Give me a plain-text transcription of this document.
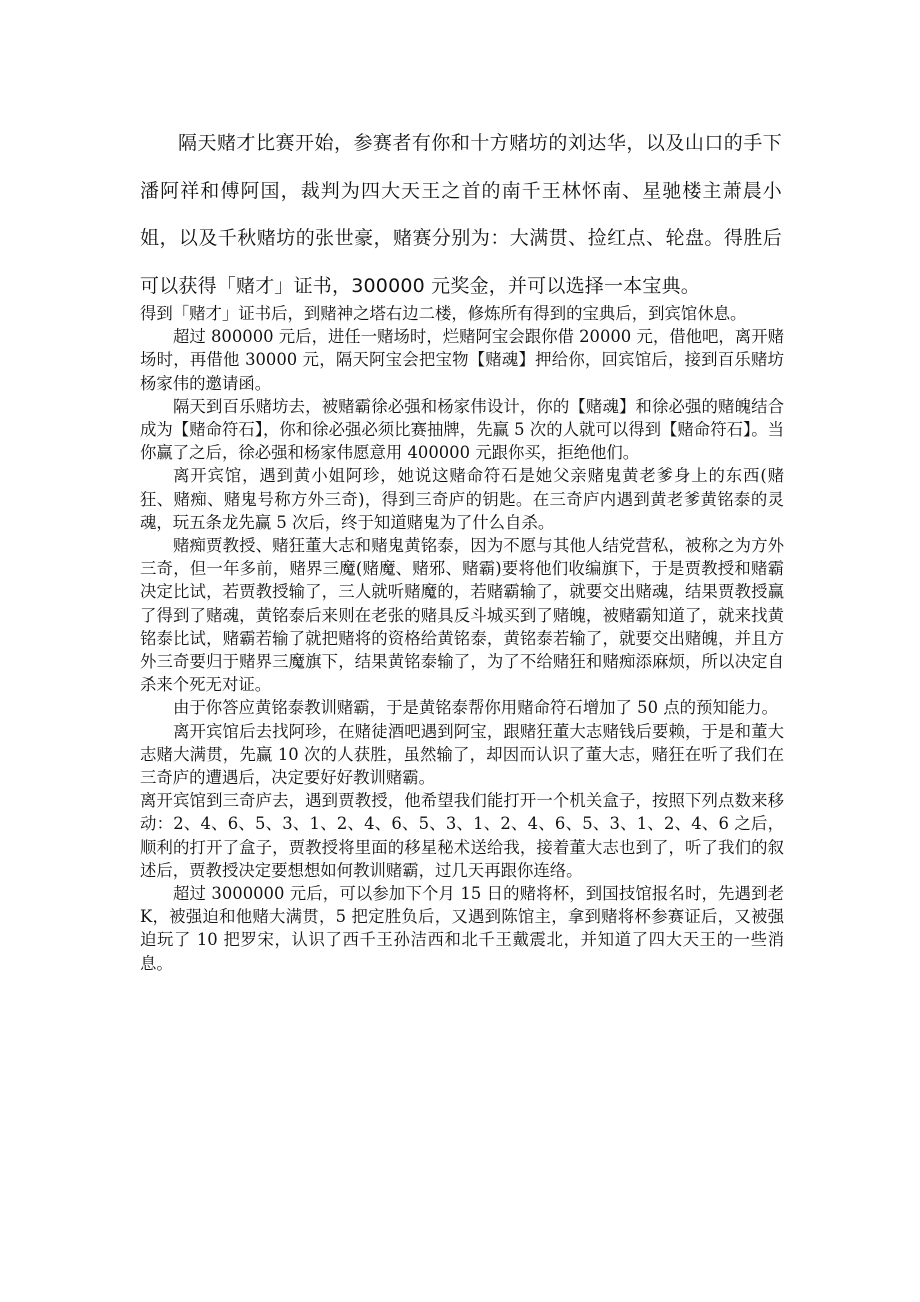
隔天赌才比赛开始，参赛者有你和十方赌坊的刘达华，以及山口的手下潘阿祥和傅阿国，裁判为四大天王之首的南千王林怀南、星驰楼主萧晨小姐，以及千秋赌坊的张世豪，赌赛分别为：大满贯、捡红点、轮盘。得胜后可以获得「赌才」证书，300000 元奖金，并可以选择一本宝典。

得到「赌才」证书后，到赌神之塔右边二楼，修炼所有得到的宝典后，到宾馆休息。

超过 800000 元后，进任一赌场时，烂赌阿宝会跟你借 20000 元，借他吧，离开赌场时，再借他 30000 元，隔天阿宝会把宝物【赌魂】押给你，回宾馆后，接到百乐赌坊杨家伟的邀请函。

隔天到百乐赌坊去，被赌霸徐必强和杨家伟设计，你的【赌魂】和徐必强的赌魄结合成为【赌命符石】，你和徐必强必须比赛抽牌，先赢 5 次的人就可以得到【赌命符石】。当你赢了之后，徐必强和杨家伟愿意用 400000 元跟你买，拒绝他们。

离开宾馆，遇到黄小姐阿珍，她说这赌命符石是她父亲赌鬼黄老爹身上的东西(赌狂、赌痴、赌鬼号称方外三奇)，得到三奇庐的钥匙。在三奇庐内遇到黄老爹黄铭泰的灵魂，玩五条龙先赢 5 次后，终于知道赌鬼为了什么自杀。

赌痴贾教授、赌狂董大志和赌鬼黄铭泰，因为不愿与其他人结党营私，被称之为方外三奇，但一年多前，赌界三魔(赌魔、赌邪、赌霸)要将他们收编旗下，于是贾教授和赌霸决定比试，若贾教授输了，三人就听赌魔的，若赌霸输了，就要交出赌魂，结果贾教授赢了得到了赌魂，黄铭泰后来则在老张的赌具反斗城买到了赌魄，被赌霸知道了，就来找黄铭泰比试，赌霸若输了就把赌将的资格给黄铭泰，黄铭泰若输了，就要交出赌魄，并且方外三奇要归于赌界三魔旗下，结果黄铭泰输了，为了不给赌狂和赌痴添麻烦，所以决定自杀来个死无对证。

由于你答应黄铭泰教训赌霸，于是黄铭泰帮你用赌命符石增加了 50 点的预知能力。

离开宾馆后去找阿珍，在赌徒酒吧遇到阿宝，跟赌狂董大志赌钱后要赖，于是和董大志赌大满贯，先赢 10 次的人获胜，虽然输了，却因而认识了董大志，赌狂在听了我们在三奇庐的遭遇后，决定要好好教训赌霸。

离开宾馆到三奇庐去，遇到贾教授，他希望我们能打开一个机关盒子，按照下列点数来移动：2、4、6、5、3、1、2、4、6、5、3、1、2、4、6、5、3、1、2、4、6 之后，顺利的打开了盒子，贾教授将里面的移星秘术送给我，接着董大志也到了，听了我们的叙述后，贾教授决定要想想如何教训赌霸，过几天再跟你连络。

超过 3000000 元后，可以参加下个月 15 日的赌将杯，到国技馆报名时，先遇到老 K，被强迫和他赌大满贯，5 把定胜负后，又遇到陈馆主，拿到赌将杯参赛证后，又被强迫玩了 10 把罗宋，认识了西千王孙洁西和北千王戴震北，并知道了四大天王的一些消息。
